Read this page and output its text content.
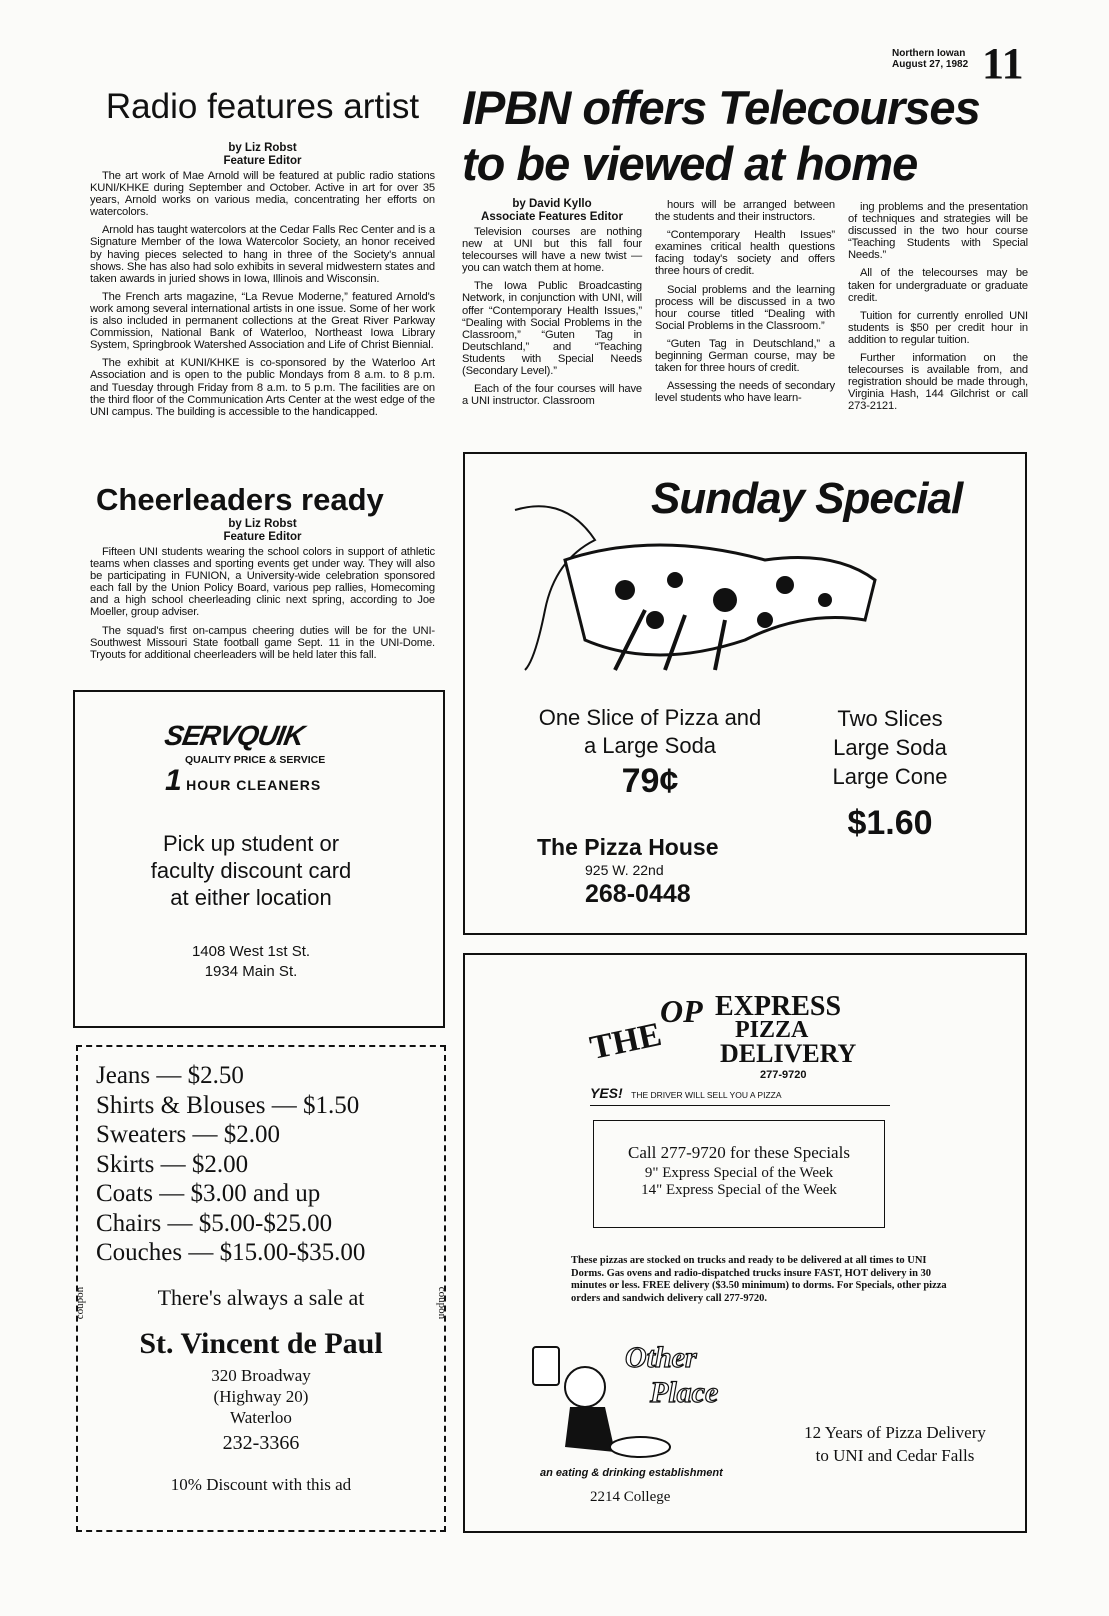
Northern Iowan
August 27, 1982 11
Radio features artist
by Liz Robst
Feature Editor

The art work of Mae Arnold will be featured at public radio stations KUNI/KHKE during September and October. Active in art for over 35 years, Arnold works on various media, concentrating her efforts on watercolors.

Arnold has taught watercolors at the Cedar Falls Rec Center and is a Signature Member of the Iowa Watercolor Society, an honor received by having pieces selected to hang in three of the Society's annual shows. She has also had solo exhibits in several midwestern states and taken awards in juried shows in Iowa, Illinois and Wisconsin.

The French arts magazine, “La Revue Moderne,” featured Arnold's work among several international artists in one issue. Some of her work is also included in permanent collections at the Great River Parkway Commission, National Bank of Waterloo, Northeast Iowa Library System, Springbrook Watershed Association and Life of Christ Biennial.

The exhibit at KUNI/KHKE is co-sponsored by the Waterloo Art Association and is open to the public Mondays from 8 a.m. to 8 p.m. and Tuesday through Friday from 8 a.m. to 5 p.m. The facilities are on the third floor of the Communication Arts Center at the west edge of the UNI campus. The building is accessible to the handicapped.

IPBN offers Telecourses
to be viewed at home
by David Kyllo
Associate Features Editor

Television courses are nothing new at UNI but this fall four telecourses will have a new twist — you can watch them at home.

The Iowa Public Broadcasting Network, in conjunction with UNI, will offer “Contemporary Health Issues,” “Dealing with Social Problems in the Classroom,” “Guten Tag in Deutschland,” and “Teaching Students with Special Needs (Secondary Level).”

Each of the four courses will have a UNI instructor. Classroom

hours will be arranged between the students and their instructors.

“Contemporary Health Issues” examines critical health questions facing today's society and offers three hours of credit.

Social problems and the learning process will be discussed in a two hour course titled “Dealing with Social Problems in the Classroom.”

“Guten Tag in Deutschland,” a beginning German course, may be taken for three hours of credit.

Assessing the needs of secondary level students who have learn-

ing problems and the presentation of techniques and strategies will be discussed in the two hour course “Teaching Students with Special Needs.”

All of the telecourses may be taken for undergraduate or graduate credit.

Tuition for currently enrolled UNI students is $50 per credit hour in addition to regular tuition.

Further information on the telecourses is available from, and registration should be made through, Virginia Hash, 144 Gilchrist or call 273-2121.

Cheerleaders ready
by Liz Robst
Feature Editor

Fifteen UNI students wearing the school colors in support of athletic teams when classes and sporting events get under way. They will also be participating in FUNION, a University-wide celebration sponsored each fall by the Union Policy Board, various pep rallies, Homecoming and a high school cheerleading clinic next spring, according to Joe Moeller, group adviser.

The squad's first on-campus cheering duties will be for the UNI-Southwest Missouri State football game Sept. 11 in the UNI-Dome. Tryouts for additional cheerleaders will be held later this fall.

SERVQUIK
QUALITY PRICE & SERVICE
1 HOUR CLEANERS
Pick up student or
faculty discount card
at either location
1408 West 1st St.
1934 Main St.
Jeans — $2.50
Shirts & Blouses — $1.50
Sweaters — $2.00
Skirts — $2.00
Coats — $3.00 and up
Chairs — $5.00-$25.00
Couches — $15.00-$35.00
There's always a sale at
St. Vincent de Paul
320 Broadway
(Highway 20)
Waterloo
232-3366
10% Discount with this ad
coupon	coupon
Sunday Special
One Slice of Pizza and
a Large Soda
79¢
Two Slices
Large Soda
Large Cone
$1.60
The Pizza House
925 W. 22nd
268-0448
THE
OP EXPRESS
PIZZA
DELIVERY
277-9720
YES! THE DRIVER WILL SELL YOU A PIZZA
Call 277-9720 for these Specials
9" Express Special of the Week
14" Express Special of the Week
These pizzas are stocked on trucks and ready to be delivered at all times to UNI Dorms. Gas ovens and radio-dispatched trucks insure FAST, HOT delivery in 30 minutes or less. FREE delivery ($3.50 minimum) to dorms. For Specials, other pizza orders and sandwich delivery call 277-9720.
Other
Place
an eating & drinking establishment
2214 College
12 Years of Pizza Delivery
to UNI and Cedar Falls
